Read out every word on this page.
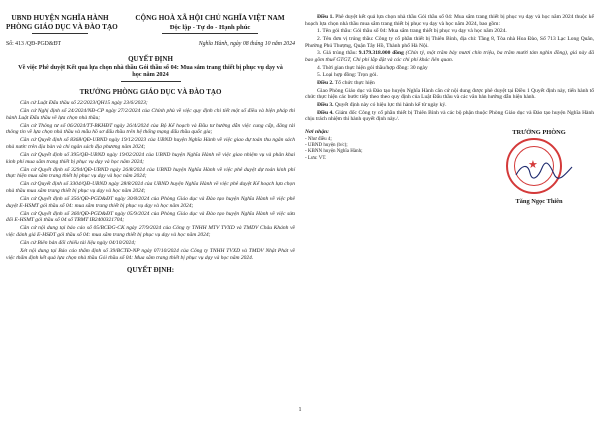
UBND HUYỆN NGHĨA HÀNH
PHÒNG GIÁO DỤC VÀ ĐÀO TẠO
CỘNG HOÀ XÃ HỘI CHỦ NGHĨA VIỆT NAM
Độc lập - Tự do - Hạnh phúc
Số: 413 /QĐ-PGD&ĐT	Nghĩa Hành, ngày 08 tháng 10 năm 2024
QUYẾT ĐỊNH
Về việc Phê duyệt Kết quả lựa chọn nhà thầu Gói thầu số 04: Mua sắm trang thiết bị phục vụ dạy và học năm 2024
TRƯỞNG PHÒNG GIÁO DỤC VÀ ĐÀO TẠO

Căn cứ Luật Đấu thầu số 22/2023/QH15 ngày 23/6/2023;

Căn cứ Nghị định số 24/2024/NĐ-CP ngày 27/2/2024 của Chính phủ về việc quy định chi tiết một số điều và biện pháp thi hành Luật Đấu thầu về lựa chọn nhà thầu;

Căn cứ Thông tư số 06/2024/TT-BKHĐT ngày 26/4/2024 của Bộ Kế hoạch và Đầu tư hướng dẫn việc cung cấp, đăng tải thông tin về lựa chọn nhà thầu và mẫu hồ sơ đấu thầu trên hệ thống mạng đấu thầu quốc gia;

Căn cứ Quyết định số 8368/QĐ-UBND ngày 19/12/2023 của UBND huyện Nghĩa Hành về việc giao dự toán thu ngân sách nhà nước trên địa bàn và chi ngân sách địa phương năm 2024;

Căn cứ Quyết định số 395/QĐ-UBND ngày 19/02/2024 của UBND huyện Nghĩa Hành về việc giao nhiệm vụ và phân khai kinh phí mua sắm trang thiết bị phục vụ dạy và học năm 2024;

Căn cứ Quyết định số 3294/QĐ-UBND ngày 26/8/2024 của UBND huyện Nghĩa Hành về việc phê duyệt dự toán kinh phí thực hiện mua sắm trang thiết bị phục vụ dạy và học năm 2024;

Căn cứ Quyết định số 3304/QĐ-UBND ngày 28/8/2024 của UBND huyện Nghĩa Hành về việc phê duyệt Kế hoạch lựa chọn nhà thầu mua sắm trang thiết bị phục vụ dạy và học năm 2024;

Căn cứ Quyết định số 356/QĐ-PGD&ĐT ngày 30/8/2024 của Phòng Giáo dục và Đào tạo huyện Nghĩa Hành về việc phê duyệt E-HSMT gói thầu số 04: mua sắm trang thiết bị phục vụ dạy và học năm 2024;

Căn cứ Quyết định số 360/QĐ-PGD&ĐT ngày 05/9/2024 của Phòng Giáo dục và Đào tạo huyện Nghĩa Hành về việc sửa đổi E-HSMT gói thầu số 04 số TBMT IB2400321704;

Căn cứ nội dung tại báo cáo số 05/BCĐG-CK ngày 27/9/2024 của Công ty TNHH MTV TVXD và TMDV Châu Khánh về việc đánh giá E-HSĐT gói thầu số 04: mua sắm trang thiết bị phục vụ dạy và học năm 2024;

Căn cứ Biên bản đối chiếu tài liệu ngày 04/10/2024;

Xét nội dung tại Báo cáo thẩm định số 39/BCTĐ-NP ngày 07/10/2024 của Công ty TNHH TVXD và TMDV Nhật Phát về việc thẩm định kết quả lựa chọn nhà thầu Gói thầu số 04: Mua sắm trang thiết bị phục vụ dạy và học năm 2024.

QUYẾT ĐỊNH:

Điều 1. Phê duyệt kết quả lựa chọn nhà thầu Gói thầu số 04: Mua sắm trang thiết bị phục vụ dạy và học năm 2024 thuộc kế hoạch lựa chọn nhà thầu mua sắm trang thiết bị phục vụ dạy và học năm 2024, bao gồm:

1. Tên gói thầu: Gói thầu số 04: Mua sắm trang thiết bị phục vụ dạy và học năm 2024.

2. Tên đơn vị trúng thầu: Công ty cổ phần thiết bị Thiên Bình, địa chỉ: Tầng 8, Tòa nhà Hoa Đào, Số 713 Lạc Long Quân, Phường Phú Thượng, Quận Tây Hồ, Thành phố Hà Nội.

3. Giá trúng thầu: 9.179.318.000 đồng (Chín tỷ, một trăm bảy mươi chín triệu, ba trăm mười tám nghìn đồng), giá này đã bao gồm thuế GTGT, Chi phí lắp đặt và các chi phí khác liên quan.

4. Thời gian thực hiện gói thầu/hợp đồng: 30 ngày

5. Loại hợp đồng: Trọn gói.

Điều 2. Tổ chức thực hiện

Giao Phòng Giáo dục và Đào tạo huyện Nghĩa Hành căn cứ nội dung được phê duyệt tại Điều 1 Quyết định này, tiến hành tổ chức thực hiện các bước tiếp theo theo quy định của Luật Đấu thầu và các văn bản hướng dẫn hiện hành.

Điều 3. Quyết định này có hiệu lực thi hành kể từ ngày ký.

Điều 4. Giám đốc Công ty cổ phần thiết bị Thiên Bình và các bộ phận thuộc Phòng Giáo dục và Đào tạo huyện Nghĩa Hành chịu trách nhiệm thi hành quyết định này./.

Nơi nhận:
- Như điều 4;
- UBND huyện (b/c);
- KBNN huyện Nghĩa Hành;
- Lưu: VT.
TRƯỞNG PHÒNG
★
Tăng Ngọc Thiên
1
